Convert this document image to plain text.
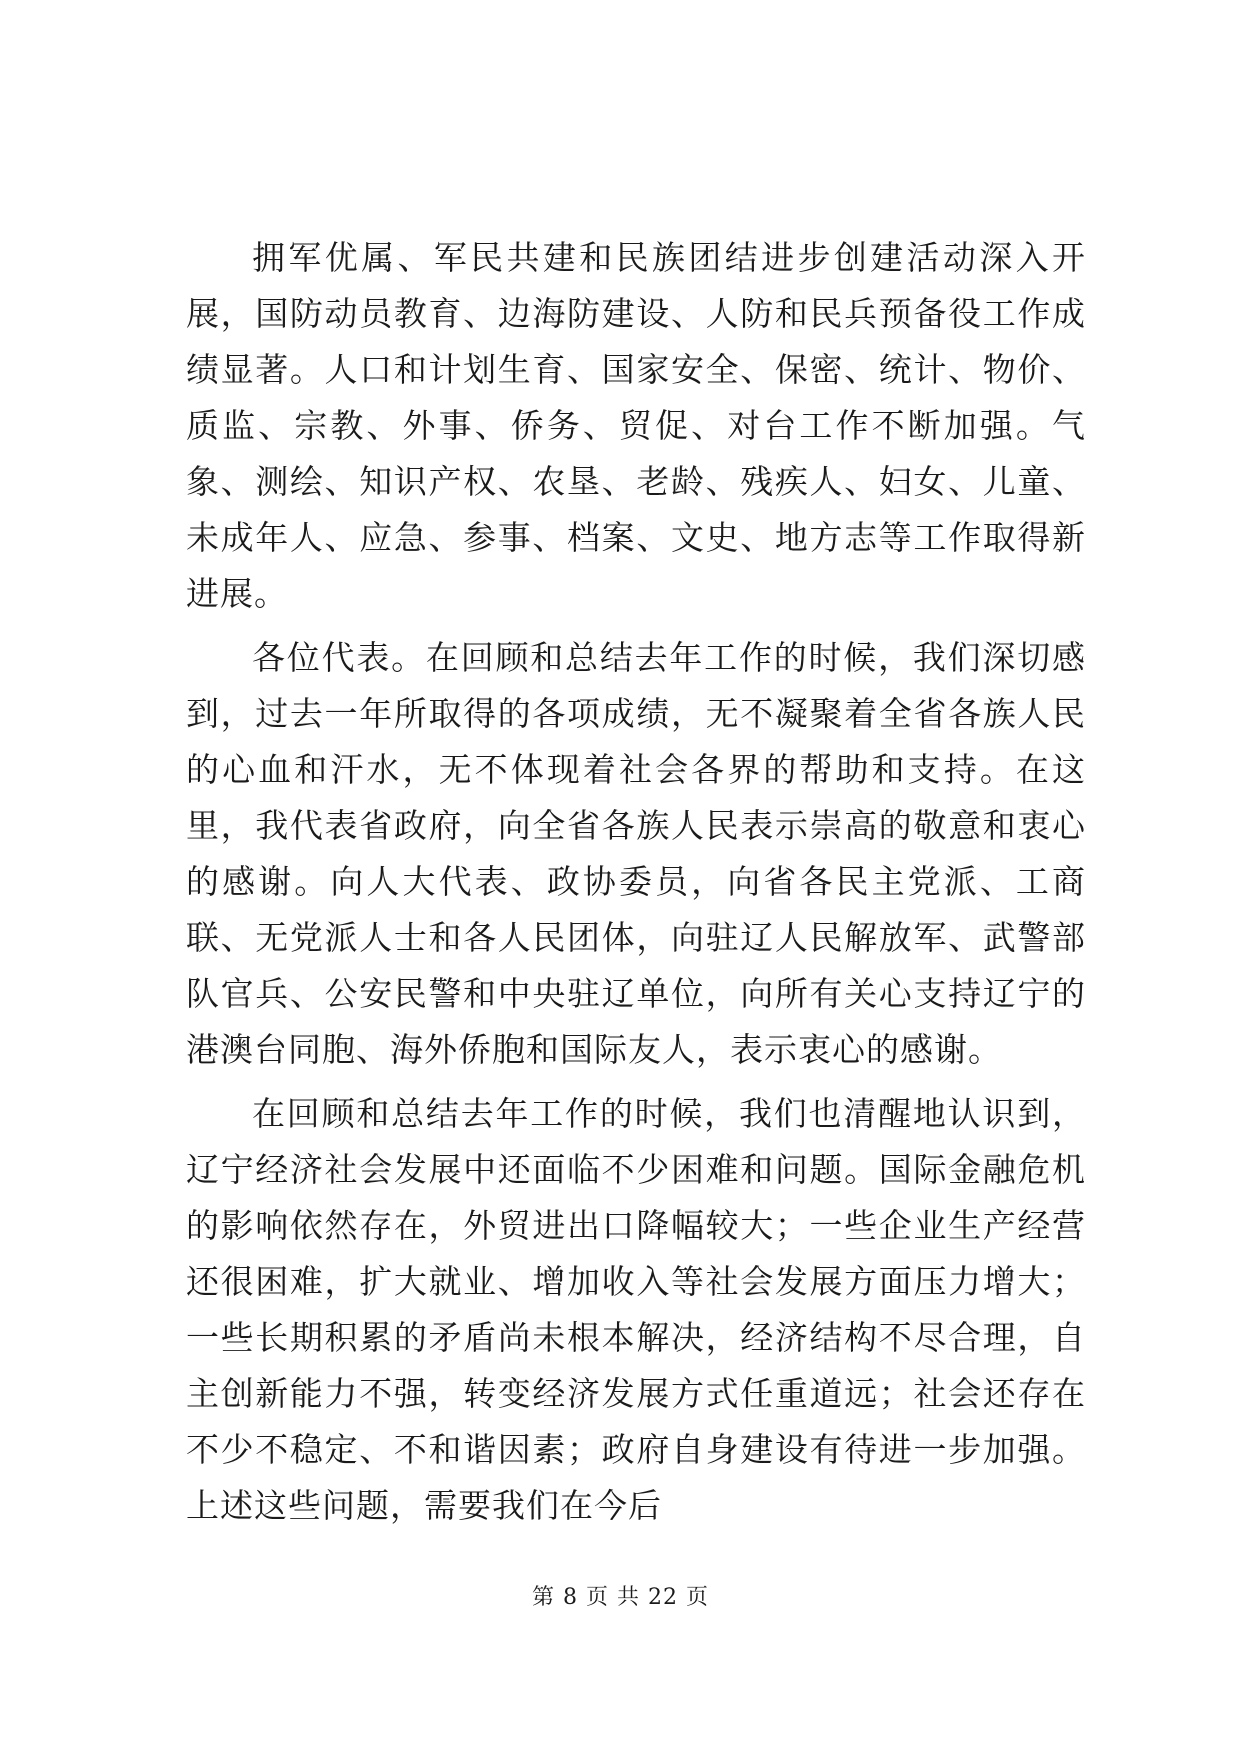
拥军优属、军民共建和民族团结进步创建活动深入开展，国防动员教育、边海防建设、人防和民兵预备役工作成绩显著。人口和计划生育、国家安全、保密、统计、物价、质监、宗教、外事、侨务、贸促、对台工作不断加强。气象、测绘、知识产权、农垦、老龄、残疾人、妇女、儿童、未成年人、应急、参事、档案、文史、地方志等工作取得新进展。

各位代表。在回顾和总结去年工作的时候，我们深切感到，过去一年所取得的各项成绩，无不凝聚着全省各族人民的心血和汗水，无不体现着社会各界的帮助和支持。在这里，我代表省政府，向全省各族人民表示崇高的敬意和衷心的感谢。向人大代表、政协委员，向省各民主党派、工商联、无党派人士和各人民团体，向驻辽人民解放军、武警部队官兵、公安民警和中央驻辽单位，向所有关心支持辽宁的港澳台同胞、海外侨胞和国际友人，表示衷心的感谢。

在回顾和总结去年工作的时候，我们也清醒地认识到，辽宁经济社会发展中还面临不少困难和问题。国际金融危机的影响依然存在，外贸进出口降幅较大；一些企业生产经营还很困难，扩大就业、增加收入等社会发展方面压力增大；一些长期积累的矛盾尚未根本解决，经济结构不尽合理，自主创新能力不强，转变经济发展方式任重道远；社会还存在不少不稳定、不和谐因素；政府自身建设有待进一步加强。上述这些问题，需要我们在今后

第 8 页 共 22 页
